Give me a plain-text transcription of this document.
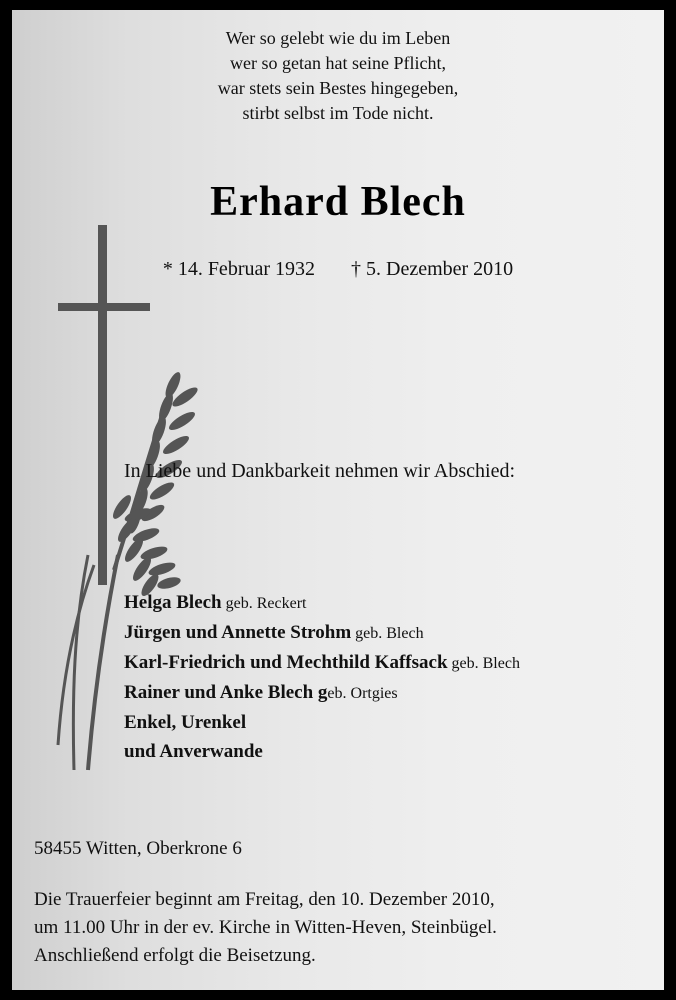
Wer so gelebt wie du im Leben
wer so getan hat seine Pflicht,
war stets sein Bestes hingegeben,
stirbt selbst im Tode nicht.
Erhard Blech
* 14. Februar 1932 † 5. Dezember 2010
In Liebe und Dankbarkeit nehmen wir Abschied:
Helga Blech geb. Reckert
Jürgen und Annette Strohm geb. Blech
Karl-Friedrich und Mechthild Kaffsack geb. Blech
Rainer und Anke Blech geb. Ortgies
Enkel, Urenkel
und Anverwande
58455 Witten, Oberkrone 6
Die Trauerfeier beginnt am Freitag, den 10. Dezember 2010,
um 11.00 Uhr in der ev. Kirche in Witten-Heven, Steinbügel.
Anschließend erfolgt die Beisetzung.
